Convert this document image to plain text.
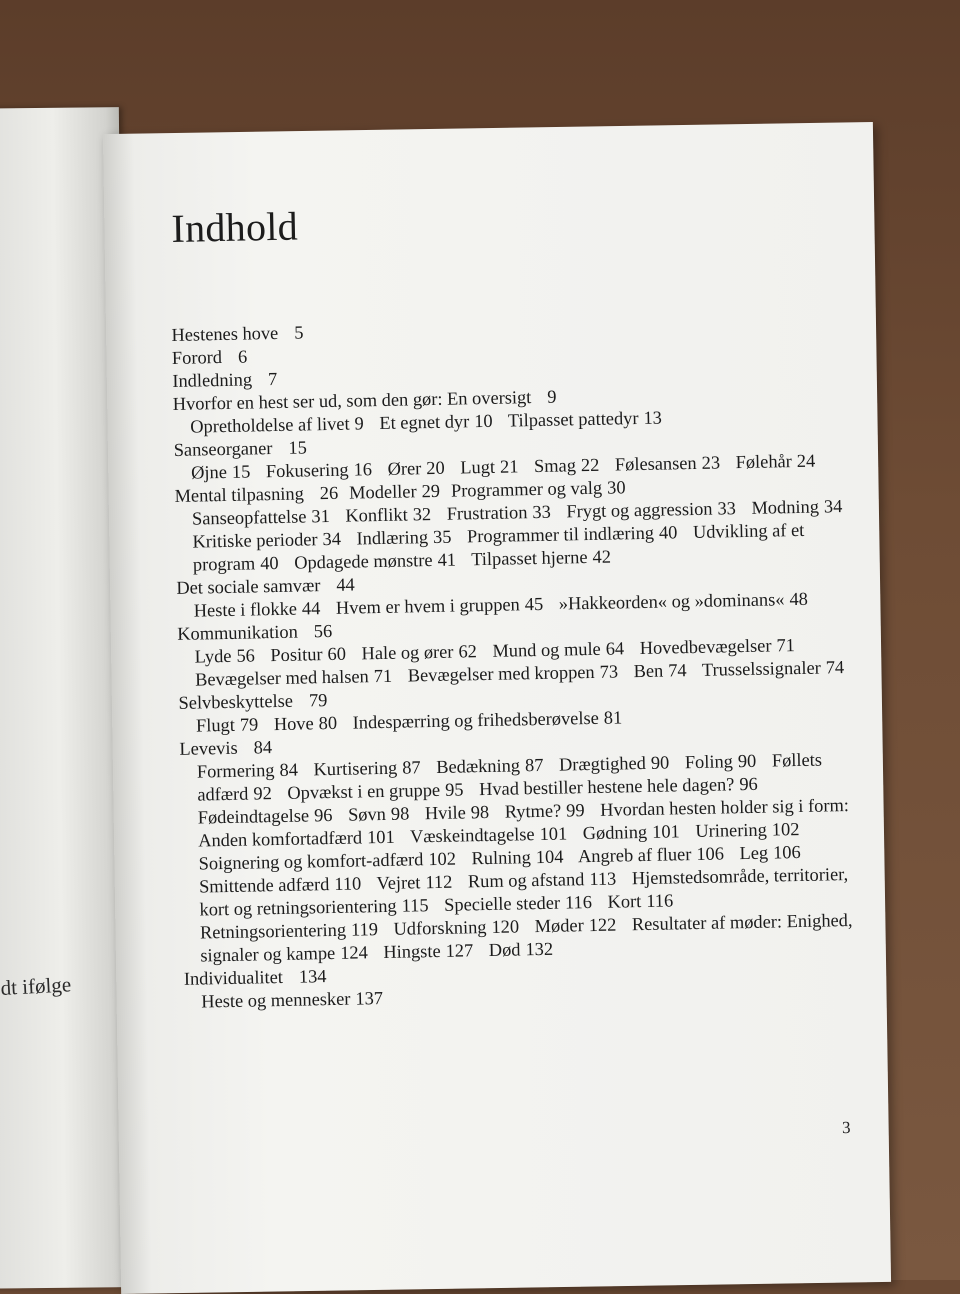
dt ifølge
Indhold
Hestenes hove 5
Forord 6
Indledning 7
Hvorfor en hest ser ud, som den gør: En oversigt 9
Opretholdelse af livet 9 Et egnet dyr 10 Tilpasset pattedyr 13
Sanseorganer 15
Øjne 15 Fokusering 16 Ører 20 Lugt 21 Smag 22 Følesansen 23 Følehår 24
Mental tilpasning 26 Modeller 29 Programmer og valg 30
Sanseopfattelse 31 Konflikt 32 Frustration 33 Frygt og aggression 33 Modning 34 Kritiske perioder 34 Indlæring 35 Programmer til indlæring 40 Udvikling af et program 40 Opdagede mønstre 41 Tilpasset hjerne 42
Det sociale samvær 44
Heste i flokke 44 Hvem er hvem i gruppen 45 »Hakkeorden« og »dominans« 48
Kommunikation 56
Lyde 56 Positur 60 Hale og ører 62 Mund og mule 64 Hovedbevægelser 71 Bevægelser med halsen 71 Bevægelser med kroppen 73 Ben 74 Trusselssignaler 74
Selvbeskyttelse 79
Flugt 79 Hove 80 Indespærring og frihedsberøvelse 81
Levevis 84
Formering 84 Kurtisering 87 Bedækning 87 Drægtighed 90 Foling 90 Føllets adfærd 92 Opvækst i en gruppe 95 Hvad bestiller hestene hele dagen? 96 Fødeindtagelse 96 Søvn 98 Hvile 98 Rytme? 99 Hvordan hesten holder sig i form: Anden komfortadfærd 101 Væskeindtagelse 101 Gødning 101 Urinering 102 Soignering og komfort-adfærd 102 Rulning 104 Angreb af fluer 106 Leg 106 Smittende adfærd 110 Vejret 112 Rum og afstand 113 Hjemstedsområde, territorier, kort og retningsorientering 115 Specielle steder 116 Kort 116 Retningsorientering 119 Udforskning 120 Møder 122 Resultater af møder: Enighed, signaler og kampe 124 Hingste 127 Død 132
Individualitet 134
Heste og mennesker 137
3
